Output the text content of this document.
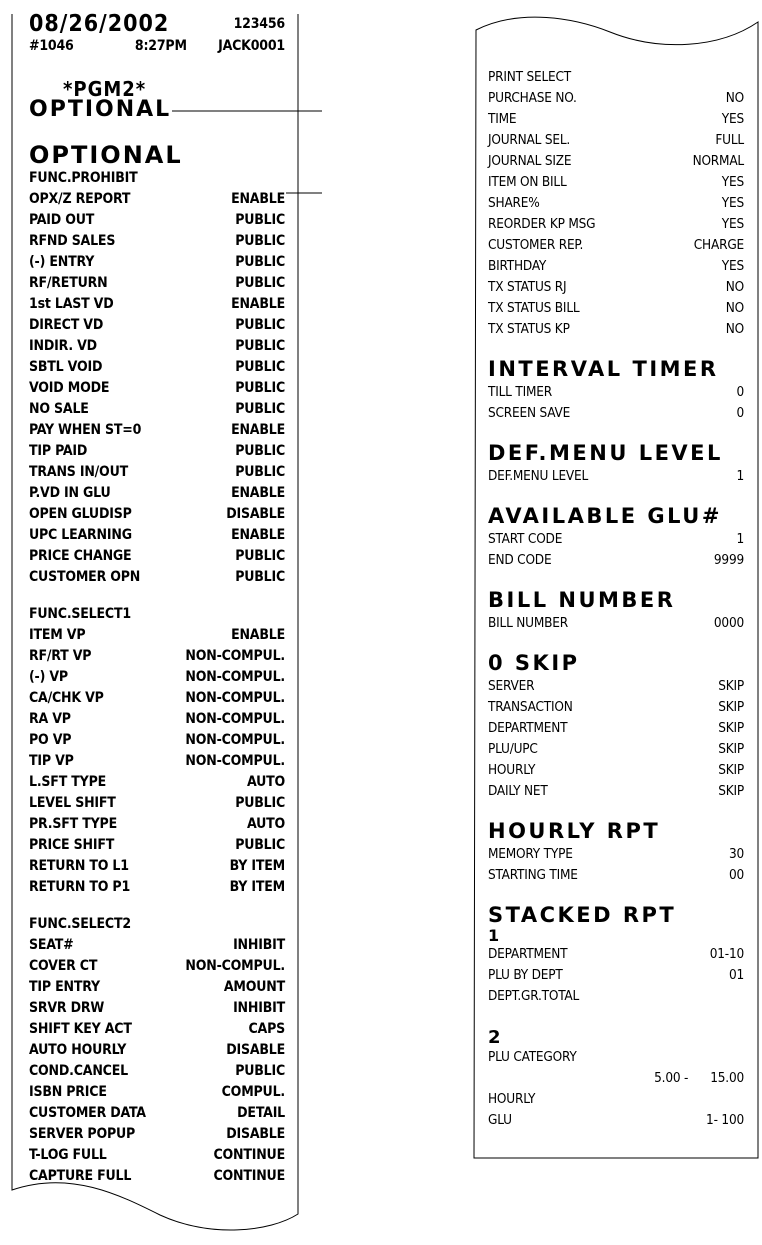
08/26/2002	123456
#1046	8:27PM JACK0001
*PGM2*
OPTIONAL
OPTIONAL
FUNC.PROHIBIT
OPX/Z REPORT	ENABLE
PAID OUT	PUBLIC
RFND SALES	PUBLIC
(-) ENTRY	PUBLIC
RF/RETURN	PUBLIC
1st LAST VD	ENABLE
DIRECT VD	PUBLIC
INDIR. VD	PUBLIC
SBTL VOID	PUBLIC
VOID MODE	PUBLIC
NO SALE	PUBLIC
PAY WHEN ST=0	ENABLE
TIP PAID	PUBLIC
TRANS IN/OUT	PUBLIC
P.VD IN GLU	ENABLE
OPEN GLUDISP	DISABLE
UPC LEARNING	ENABLE
PRICE CHANGE	PUBLIC
CUSTOMER OPN	PUBLIC
FUNC.SELECT1
ITEM VP	ENABLE
RF/RT VP	NON-COMPUL.
(-) VP	NON-COMPUL.
CA/CHK VP	NON-COMPUL.
RA VP	NON-COMPUL.
PO VP	NON-COMPUL.
TIP VP	NON-COMPUL.
L.SFT TYPE	AUTO
LEVEL SHIFT	PUBLIC
PR.SFT TYPE	AUTO
PRICE SHIFT	PUBLIC
RETURN TO L1	BY ITEM
RETURN TO P1	BY ITEM
FUNC.SELECT2
SEAT#	INHIBIT
COVER CT	NON-COMPUL.
TIP ENTRY	AMOUNT
SRVR DRW	INHIBIT
SHIFT KEY ACT	CAPS
AUTO HOURLY	DISABLE
COND.CANCEL	PUBLIC
ISBN PRICE	COMPUL.
CUSTOMER DATA	DETAIL
SERVER POPUP	DISABLE
T-LOG FULL	CONTINUE
CAPTURE FULL	CONTINUE
PRINT SELECT
PURCHASE NO.	NO
TIME	YES
JOURNAL SEL.	FULL
JOURNAL SIZE	NORMAL
ITEM ON BILL	YES
SHARE%	YES
REORDER KP MSG	YES
CUSTOMER REP.	CHARGE
BIRTHDAY	YES
TX STATUS RJ	NO
TX STATUS BILL	NO
TX STATUS KP	NO
INTERVAL TIMER
TILL TIMER	0
SCREEN SAVE	0
DEF.MENU LEVEL
DEF.MENU LEVEL	1
AVAILABLE GLU#
START CODE	1
END CODE	9999
BILL NUMBER
BILL NUMBER	0000
0 SKIP
SERVER	SKIP
TRANSACTION	SKIP
DEPARTMENT	SKIP
PLU/UPC	SKIP
HOURLY	SKIP
DAILY NET	SKIP
HOURLY RPT
MEMORY TYPE	30
STARTING TIME	00
STACKED RPT
1
DEPARTMENT	01-10
PLU BY DEPT	01
DEPT.GR.TOTAL
2
PLU CATEGORY
5.00 - 15.00
HOURLY
GLU	1- 100
